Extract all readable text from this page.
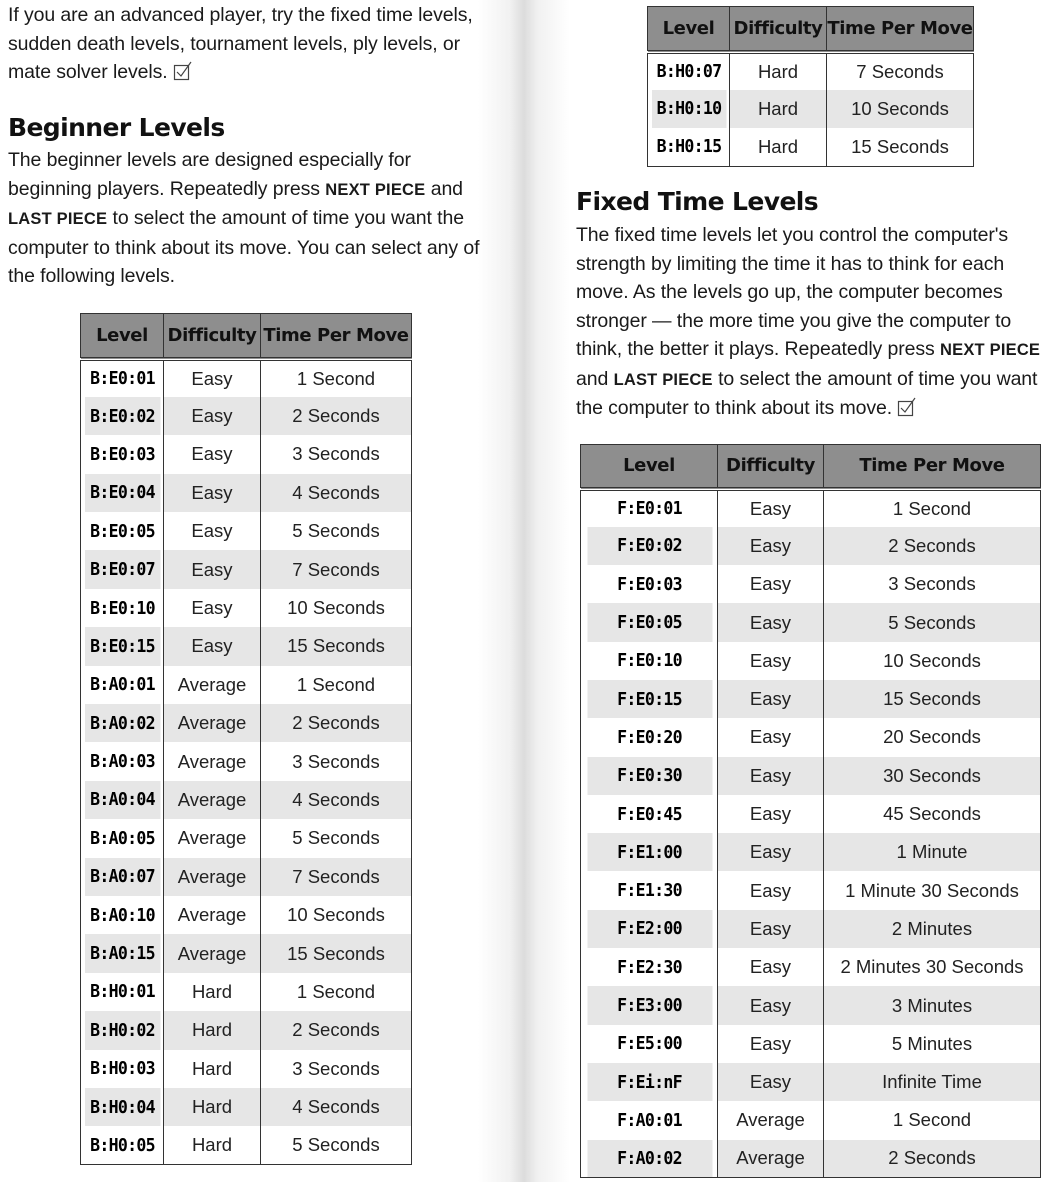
If you are an advanced player, try the fixed time levels, sudden death levels, tournament levels, ply levels, or mate solver levels.

Beginner Levels

The beginner levels are designed especially for beginning players. Repeatedly press NEXT PIECE and LAST PIECE to select the amount of time you want the computer to think about its move. You can select any of the following levels.

Level	Difficulty	Time Per Move
B:E0:01	Easy	1 Second
B:E0:02	Easy	2 Seconds
B:E0:03	Easy	3 Seconds
B:E0:04	Easy	4 Seconds
B:E0:05	Easy	5 Seconds
B:E0:07	Easy	7 Seconds
B:E0:10	Easy	10 Seconds
B:E0:15	Easy	15 Seconds
B:A0:01	Average	1 Second
B:A0:02	Average	2 Seconds
B:A0:03	Average	3 Seconds
B:A0:04	Average	4 Seconds
B:A0:05	Average	5 Seconds
B:A0:07	Average	7 Seconds
B:A0:10	Average	10 Seconds
B:A0:15	Average	15 Seconds
B:H0:01	Hard	1 Second
B:H0:02	Hard	2 Seconds
B:H0:03	Hard	3 Seconds
B:H0:04	Hard	4 Seconds
B:H0:05	Hard	5 Seconds
Level	Difficulty	Time Per Move
B:H0:07	Hard	7 Seconds
B:H0:10	Hard	10 Seconds
B:H0:15	Hard	15 Seconds
Fixed Time Levels

The fixed time levels let you control the computer's strength by limiting the time it has to think for each move. As the levels go up, the computer becomes stronger — the more time you give the computer to think, the better it plays. Repeatedly press NEXT PIECE and LAST PIECE to select the amount of time you want the computer to think about its move.

Level	Difficulty	Time Per Move
F:E0:01	Easy	1 Second
F:E0:02	Easy	2 Seconds
F:E0:03	Easy	3 Seconds
F:E0:05	Easy	5 Seconds
F:E0:10	Easy	10 Seconds
F:E0:15	Easy	15 Seconds
F:E0:20	Easy	20 Seconds
F:E0:30	Easy	30 Seconds
F:E0:45	Easy	45 Seconds
F:E1:00	Easy	1 Minute
F:E1:30	Easy	1 Minute 30 Seconds
F:E2:00	Easy	2 Minutes
F:E2:30	Easy	2 Minutes 30 Seconds
F:E3:00	Easy	3 Minutes
F:E5:00	Easy	5 Minutes
F:Ei:nF	Easy	Infinite Time
F:A0:01	Average	1 Second
F:A0:02	Average	2 Seconds
